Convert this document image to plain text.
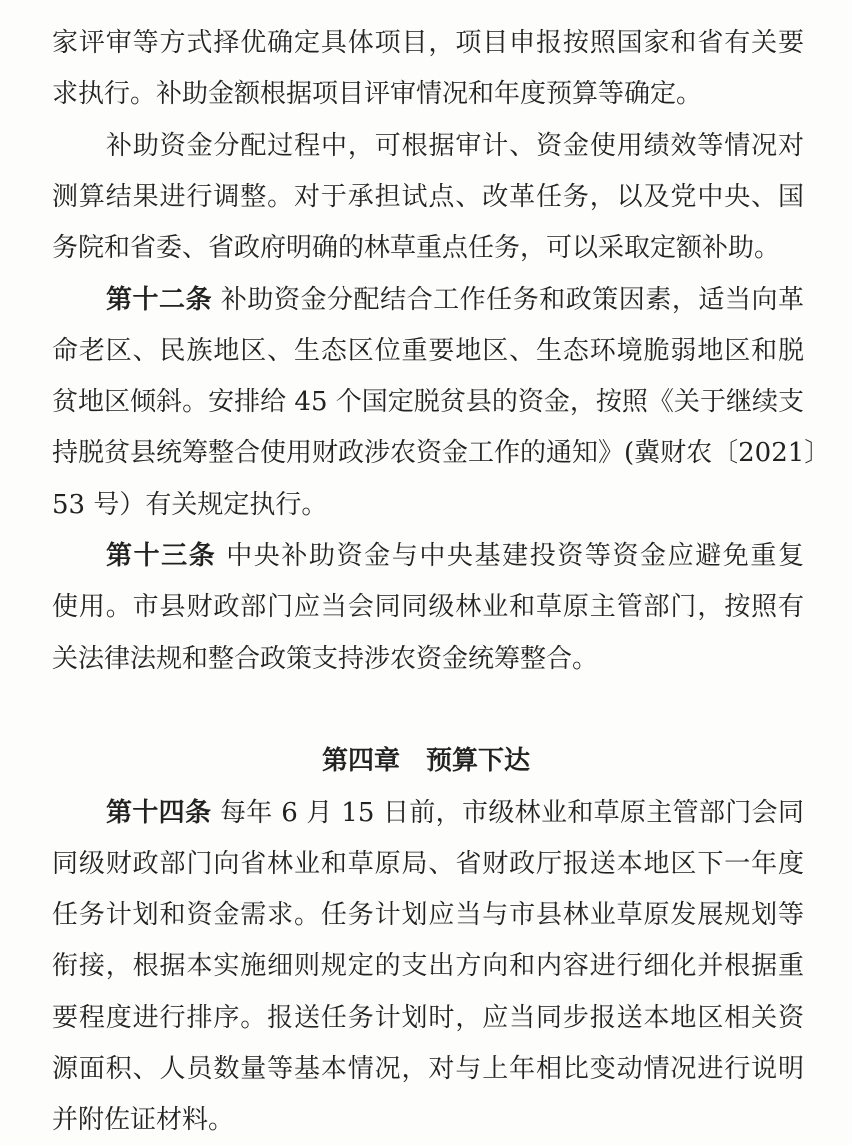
家评审等方式择优确定具体项目，项目申报按照国家和省有关要
求执行。补助金额根据项目评审情况和年度预算等确定。
补助资金分配过程中，可根据审计、资金使用绩效等情况对
测算结果进行调整。对于承担试点、改革任务，以及党中央、国
务院和省委、省政府明确的林草重点任务，可以采取定额补助。
第十二条 补助资金分配结合工作任务和政策因素，适当向革
命老区、民族地区、生态区位重要地区、生态环境脆弱地区和脱
贫地区倾斜。安排给 45 个国定脱贫县的资金，按照《关于继续支
持脱贫县统筹整合使用财政涉农资金工作的通知》(冀财农〔2021〕
53 号）有关规定执行。
第十三条 中央补助资金与中央基建投资等资金应避免重复
使用。市县财政部门应当会同同级林业和草原主管部门，按照有
关法律法规和整合政策支持涉农资金统筹整合。
第四章　预算下达
第十四条 每年 6 月 15 日前，市级林业和草原主管部门会同
同级财政部门向省林业和草原局、省财政厅报送本地区下一年度
任务计划和资金需求。任务计划应当与市县林业草原发展规划等
衔接，根据本实施细则规定的支出方向和内容进行细化并根据重
要程度进行排序。报送任务计划时，应当同步报送本地区相关资
源面积、人员数量等基本情况，对与上年相比变动情况进行说明
并附佐证材料。
